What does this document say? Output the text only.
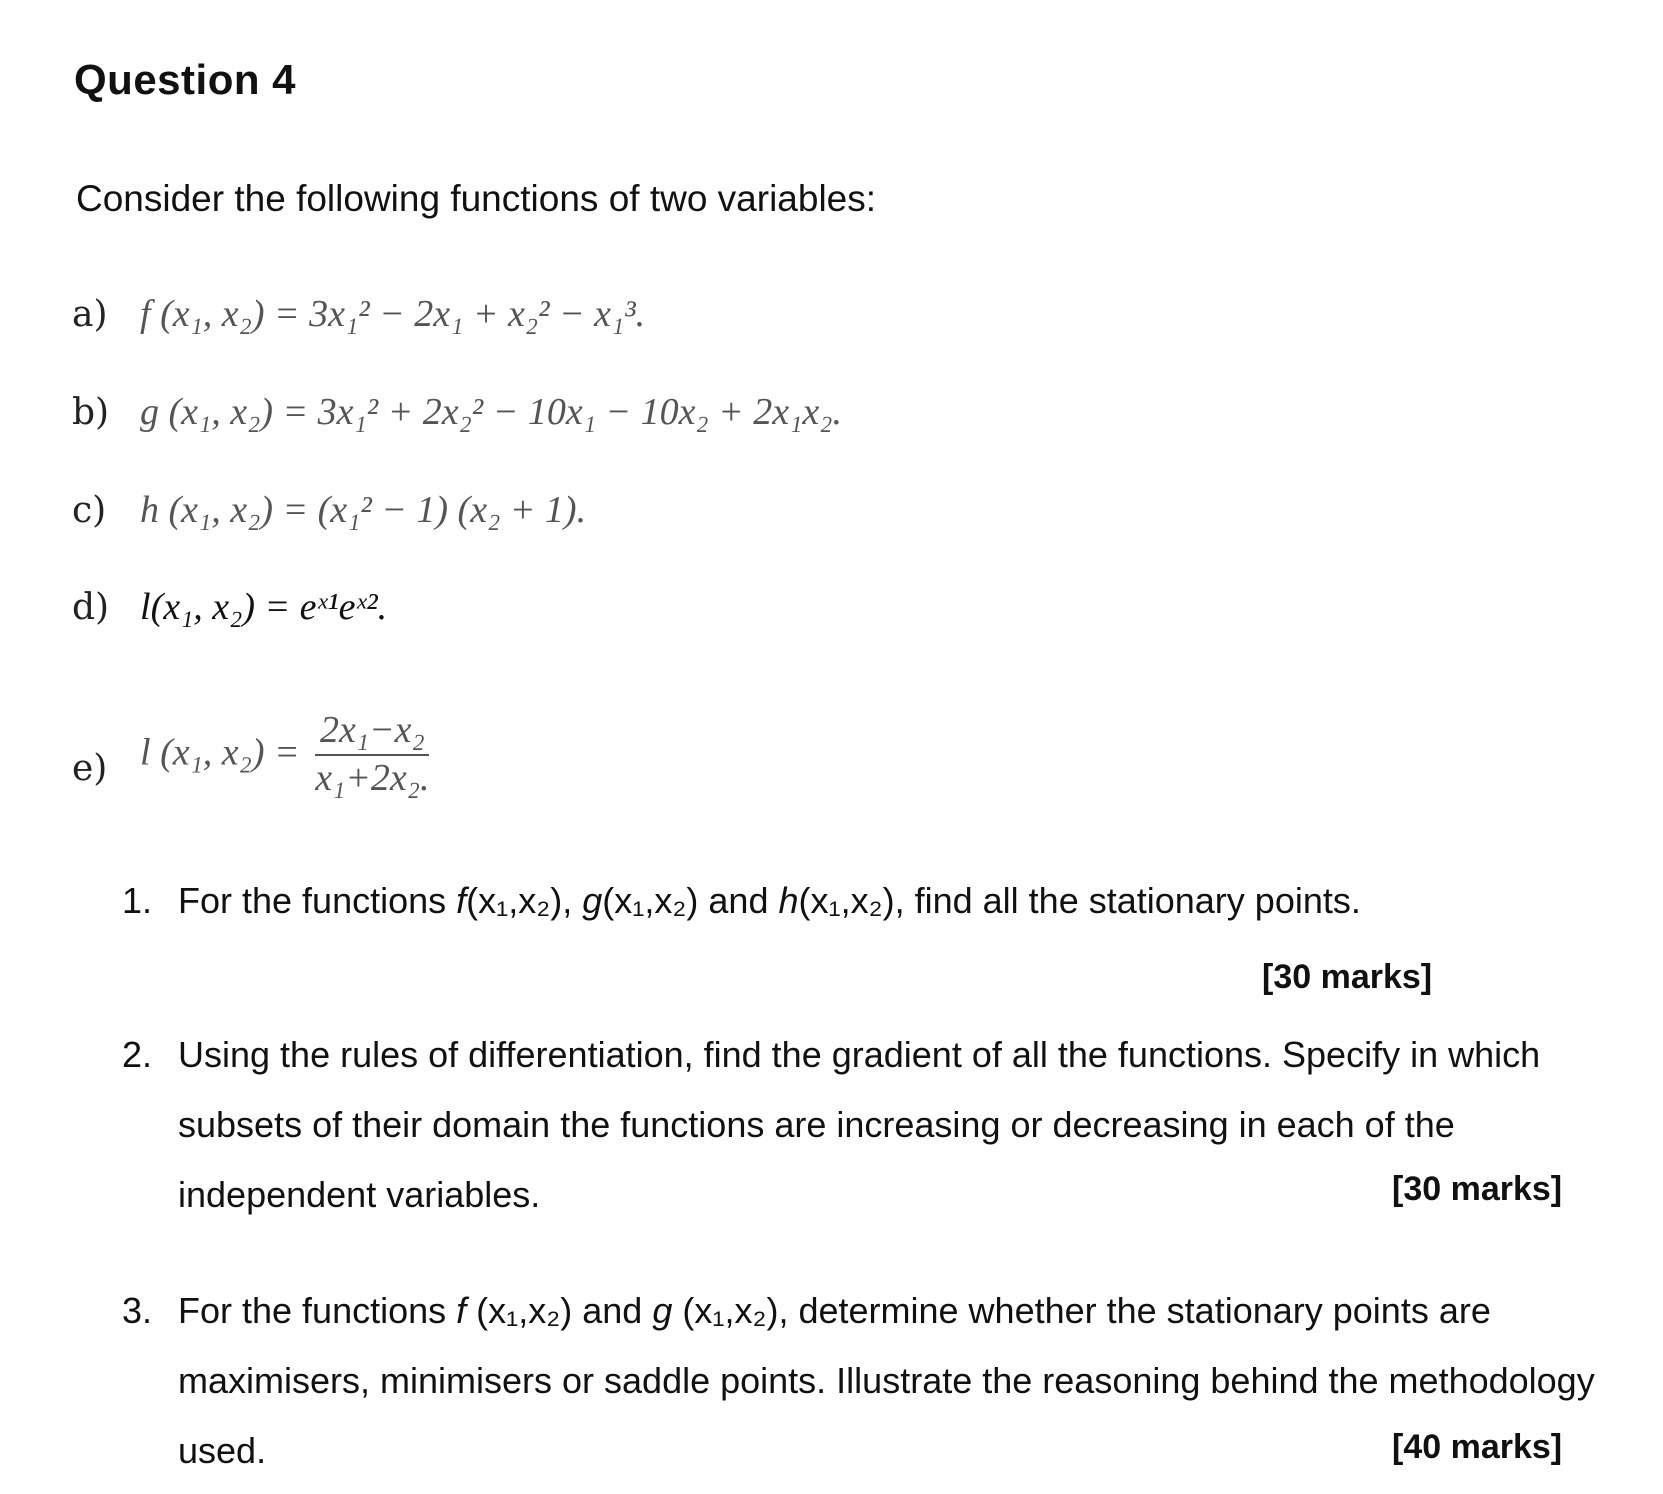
Question 4
Consider the following functions of two variables:
a) f (x₁, x₂) = 3x₁² − 2x₁ + x₂² − x₁³.
b) g (x₁, x₂) = 3x₁² + 2x₂² − 10x₁ − 10x₂ + 2x₁x₂.
c) h (x₁, x₂) = (x₁² − 1) (x₂ + 1).
d) l(x₁, x₂) = eˣ¹eˣ².
e) l (x₁, $x_2) = \frac{\text{2x₁−x₂}}{\text{x₁+2x₂.}}$
1. For the functions f(x₁,x₂), g(x₁,x₂) and h(x₁,x₂), find all the stationary points.
[30 marks]
2. Using the rules of differentiation, find the gradient of all the functions. Specify in which subsets of their domain the functions are increasing or decreasing in each of the independent variables.	[30 marks]
3. For the functions f (x₁,x₂) and g (x₁,x₂), determine whether the stationary points are maximisers, minimisers or saddle points. Illustrate the reasoning behind the methodology used.	[40 marks]
